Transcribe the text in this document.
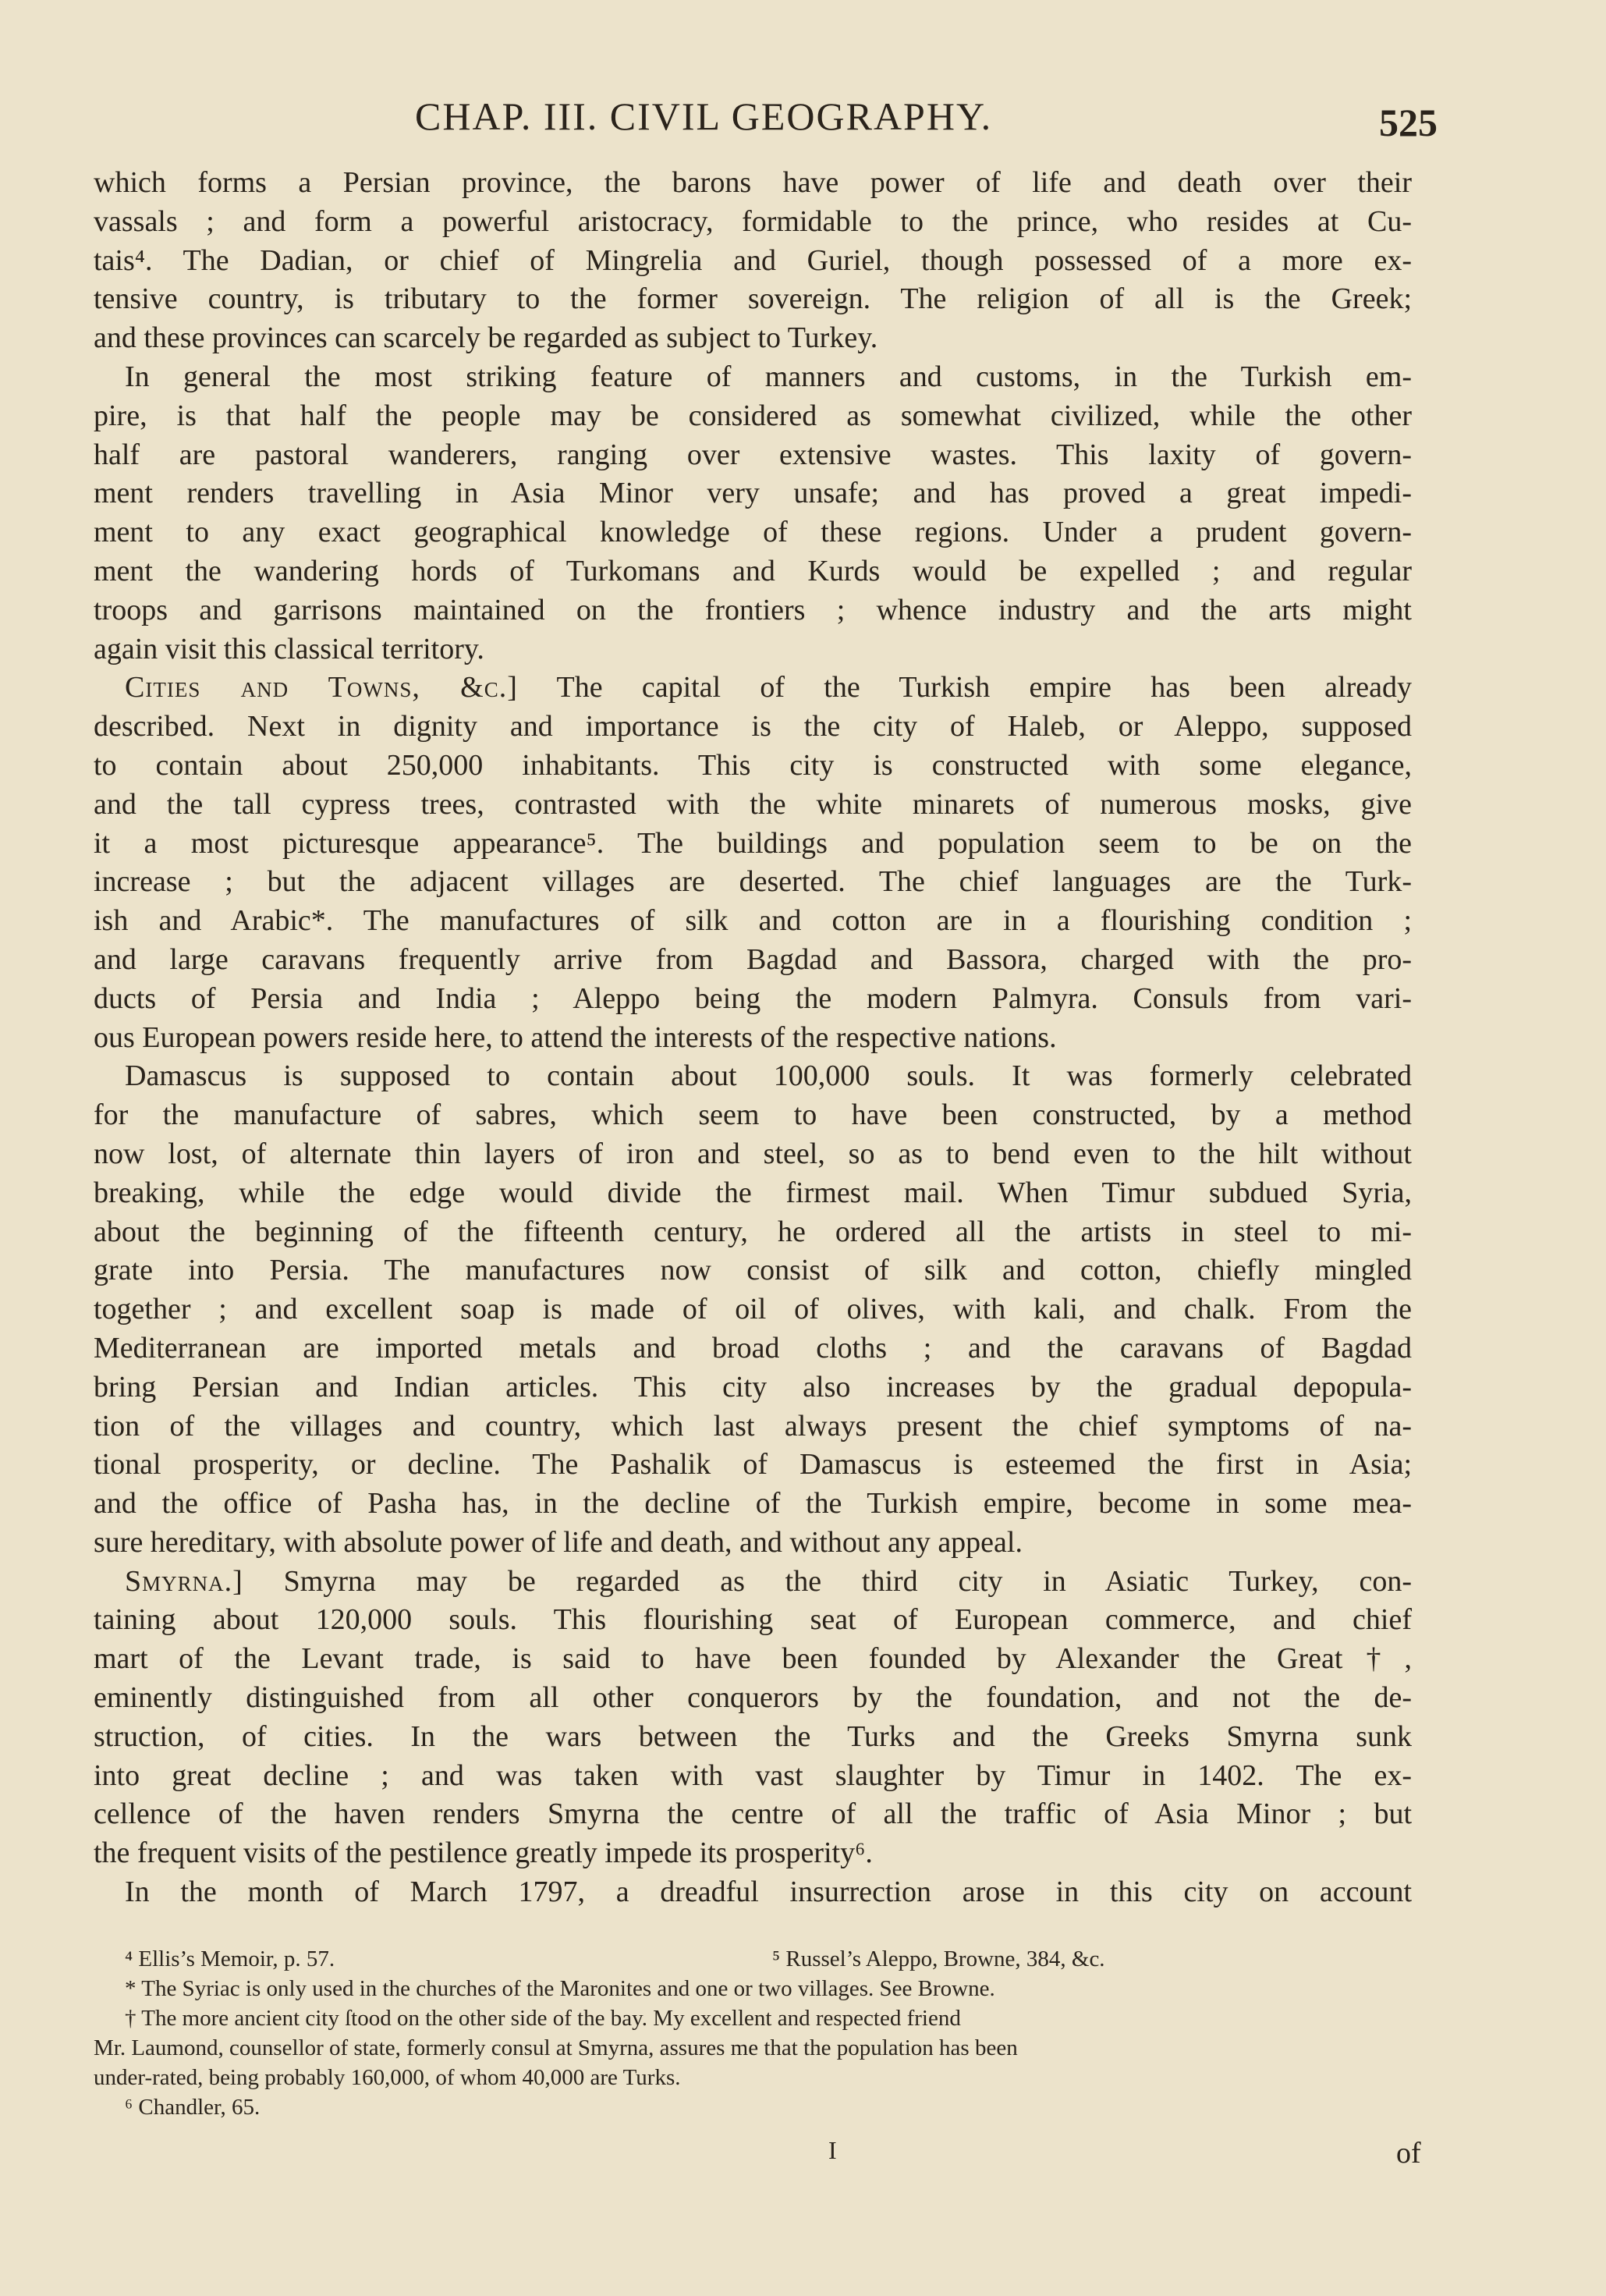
CHAP. III. CIVIL GEOGRAPHY.	525
which forms a Persian province, the barons have power of life and death over their
vassals ; and form a powerful aristocracy, formidable to the prince, who resides at Cu-
tais⁴. The Dadian, or chief of Mingrelia and Guriel, though possessed of a more ex-
tensive country, is tributary to the former sovereign. The religion of all is the Greek;
and these provinces can scarcely be regarded as subject to Turkey.
In general the most striking feature of manners and customs, in the Turkish em-
pire, is that half the people may be considered as somewhat civilized, while the other
half are pastoral wanderers, ranging over extensive wastes. This laxity of govern-
ment renders travelling in Asia Minor very unsafe; and has proved a great impedi-
ment to any exact geographical knowledge of these regions. Under a prudent govern-
ment the wandering hords of Turkomans and Kurds would be expelled ; and regular
troops and garrisons maintained on the frontiers ; whence industry and the arts might
again visit this classical territory.
Cities and Towns, &c.] The capital of the Turkish empire has been already
described. Next in dignity and importance is the city of Haleb, or Aleppo, supposed
to contain about 250,000 inhabitants. This city is constructed with some elegance,
and the tall cypress trees, contrasted with the white minarets of numerous mosks, give
it a most picturesque appearance⁵. The buildings and population seem to be on the
increase ; but the adjacent villages are deserted. The chief languages are the Turk-
ish and Arabic*. The manufactures of silk and cotton are in a flourishing condition ;
and large caravans frequently arrive from Bagdad and Bassora, charged with the pro-
ducts of Persia and India ; Aleppo being the modern Palmyra. Consuls from vari-
ous European powers reside here, to attend the interests of the respective nations.
Damascus is supposed to contain about 100,000 souls. It was formerly celebrated
for the manufacture of sabres, which seem to have been constructed, by a method
now lost, of alternate thin layers of iron and steel, so as to bend even to the hilt without
breaking, while the edge would divide the firmest mail. When Timur subdued Syria,
about the beginning of the fifteenth century, he ordered all the artists in steel to mi-
grate into Persia. The manufactures now consist of silk and cotton, chiefly mingled
together ; and excellent soap is made of oil of olives, with kali, and chalk. From the
Mediterranean are imported metals and broad cloths ; and the caravans of Bagdad
bring Persian and Indian articles. This city also increases by the gradual depopula-
tion of the villages and country, which last always present the chief symptoms of na-
tional prosperity, or decline. The Pashalik of Damascus is esteemed the first in Asia;
and the office of Pasha has, in the decline of the Turkish empire, become in some mea-
sure hereditary, with absolute power of life and death, and without any appeal.
Smyrna.] Smyrna may be regarded as the third city in Asiatic Turkey, con-
taining about 120,000 souls. This flourishing seat of European commerce, and chief
mart of the Levant trade, is said to have been founded by Alexander the Great†,
eminently distinguished from all other conquerors by the foundation, and not the de-
struction, of cities. In the wars between the Turks and the Greeks Smyrna sunk
into great decline ; and was taken with vast slaughter by Timur in 1402. The ex-
cellence of the haven renders Smyrna the centre of all the traffic of Asia Minor ; but
the frequent visits of the pestilence greatly impede its prosperity⁶.
In the month of March 1797, a dreadful insurrection arose in this city on account
⁴ Ellis’s Memoir, p. 57.	⁵ Russel’s Aleppo, Browne, 384, &c.
* The Syriac is only used in the churches of the Maronites and one or two villages. See Browne.
† The more ancient city ſtood on the other side of the bay. My excellent and respected friend
Mr. Laumond, counsellor of state, formerly consul at Smyrna, assures me that the population has been
under-rated, being probably 160,000, of whom 40,000 are Turks.
⁶ Chandler, 65.
I	of
